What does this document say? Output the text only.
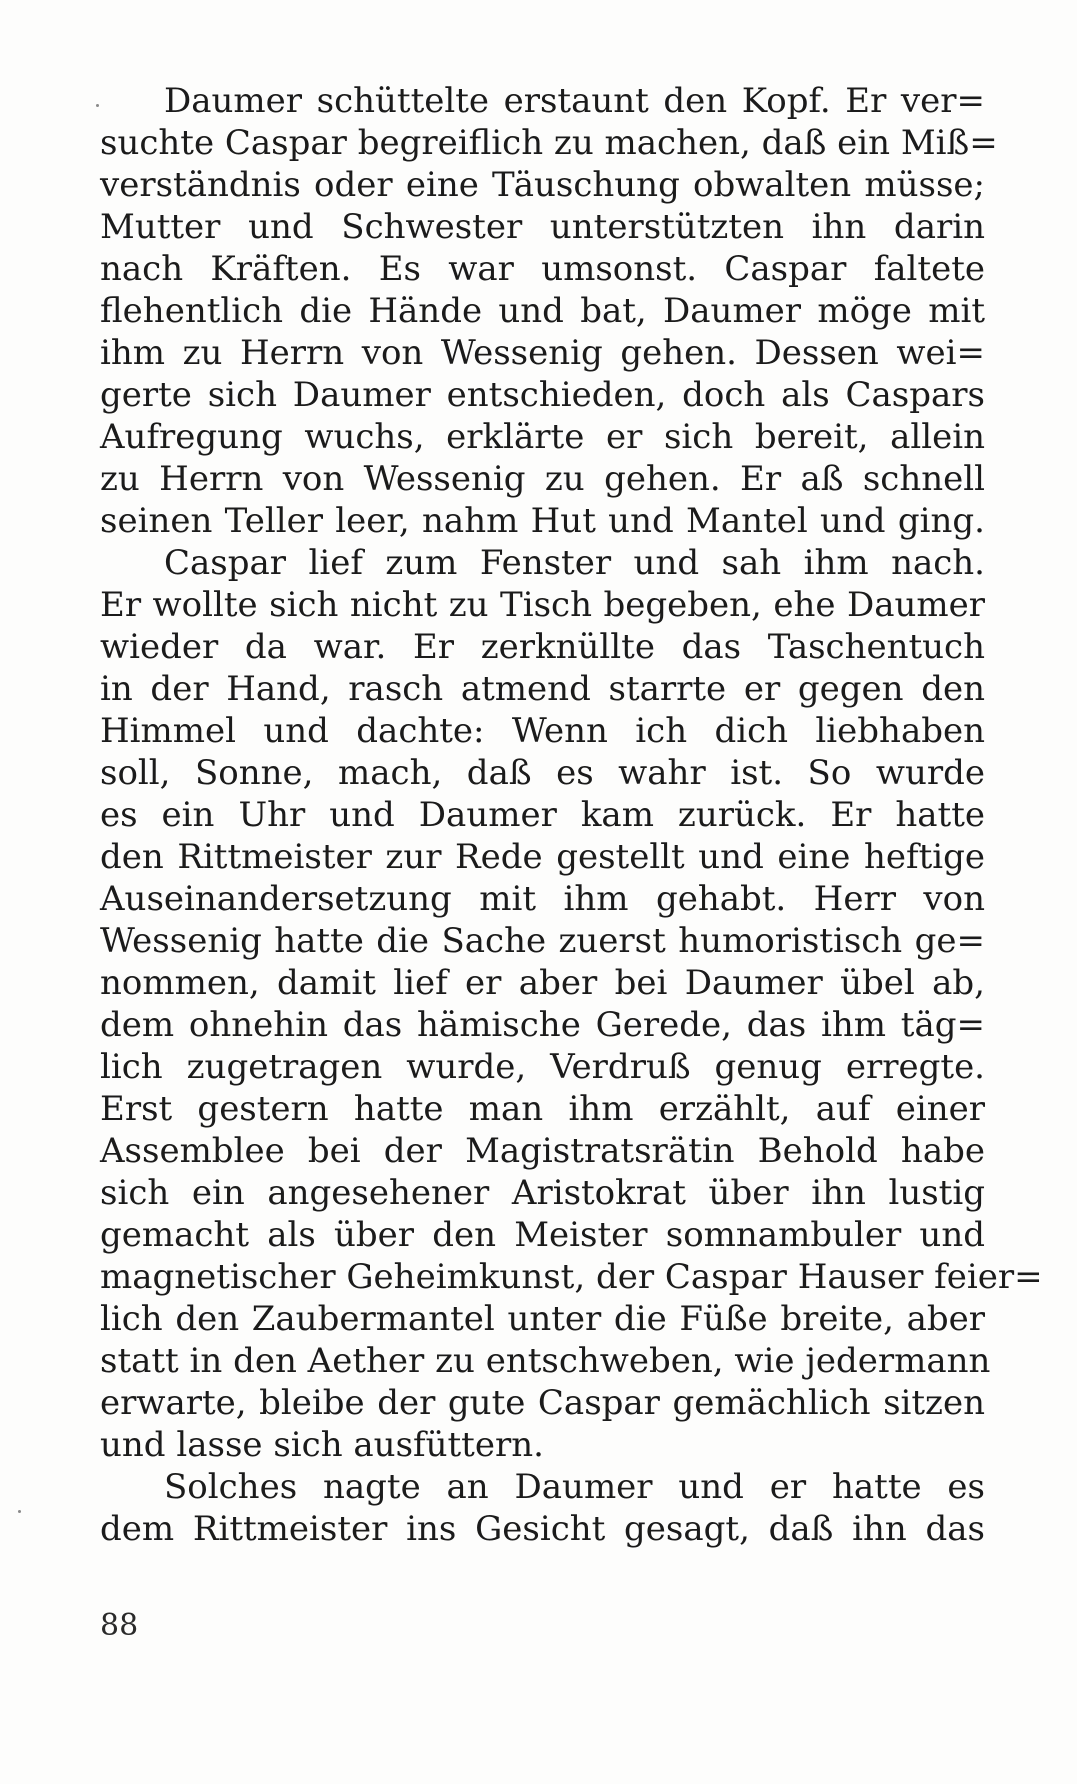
Daumer schüttelte erstaunt den Kopf. Er ver=
suchte Caspar begreiflich zu machen, daß ein Miß=
verständnis oder eine Täuschung obwalten müsse;
Mutter und Schwester unterstützten ihn darin
nach Kräften. Es war umsonst. Caspar faltete
flehentlich die Hände und bat, Daumer möge mit
ihm zu Herrn von Wessenig gehen. Dessen wei=
gerte sich Daumer entschieden, doch als Caspars
Aufregung wuchs, erklärte er sich bereit, allein
zu Herrn von Wessenig zu gehen. Er aß schnell
seinen Teller leer, nahm Hut und Mantel und ging.
Caspar lief zum Fenster und sah ihm nach.
Er wollte sich nicht zu Tisch begeben, ehe Daumer
wieder da war. Er zerknüllte das Taschentuch
in der Hand, rasch atmend starrte er gegen den
Himmel und dachte: Wenn ich dich liebhaben
soll, Sonne, mach, daß es wahr ist. So wurde
es ein Uhr und Daumer kam zurück. Er hatte
den Rittmeister zur Rede gestellt und eine heftige
Auseinandersetzung mit ihm gehabt. Herr von
Wessenig hatte die Sache zuerst humoristisch ge=
nommen, damit lief er aber bei Daumer übel ab,
dem ohnehin das hämische Gerede, das ihm täg=
lich zugetragen wurde, Verdruß genug erregte.
Erst gestern hatte man ihm erzählt, auf einer
Assemblee bei der Magistratsrätin Behold habe
sich ein angesehener Aristokrat über ihn lustig
gemacht als über den Meister somnambuler und
magnetischer Geheimkunst, der Caspar Hauser feier=
lich den Zaubermantel unter die Füße breite, aber
statt in den Aether zu entschweben, wie jedermann
erwarte, bleibe der gute Caspar gemächlich sitzen
und lasse sich ausfüttern.
Solches nagte an Daumer und er hatte es
dem Rittmeister ins Gesicht gesagt, daß ihn das
88
